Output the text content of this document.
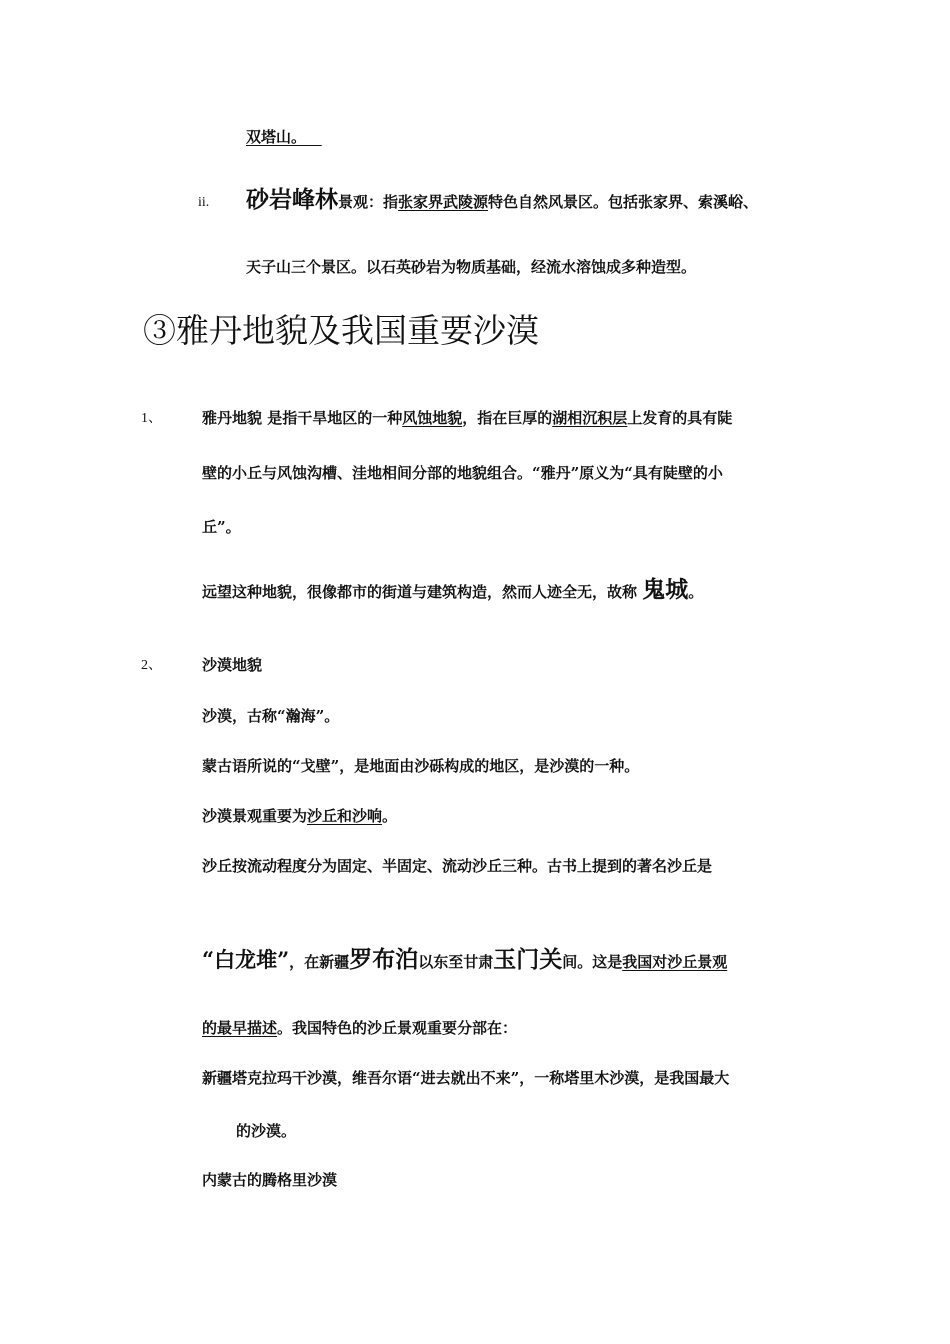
双塔山。
ii. 砂岩峰林景观：指张家界武陵源特色自然风景区。包括张家界、索溪峪、
天子山三个景区。以石英砂岩为物质基础，经流水溶蚀成多种造型。
③雅丹地貌及我国重要沙漠
1、	雅丹地貌 是指干旱地区的一种风蚀地貌，指在巨厚的湖相沉积层上发育的具有陡
壁的小丘与风蚀沟槽、洼地相间分部的地貌组合。“雅丹”原义为“具有陡壁的小
丘”。
远望这种地貌，很像都市的街道与建筑构造，然而人迹全无，故称 鬼城。
2、	沙漠地貌
沙漠，古称“瀚海”。
蒙古语所说的“戈壁”，是地面由沙砾构成的地区，是沙漠的一种。
沙漠景观重要为沙丘和沙响。
沙丘按流动程度分为固定、半固定、流动沙丘三种。古书上提到的著名沙丘是
“白龙堆”，在新疆罗布泊以东至甘肃玉门关间。这是我国对沙丘景观
的最早描述。我国特色的沙丘景观重要分部在：
新疆塔克拉玛干沙漠，维吾尔语“进去就出不来”，一称塔里木沙漠，是我国最大
的沙漠。
内蒙古的腾格里沙漠
